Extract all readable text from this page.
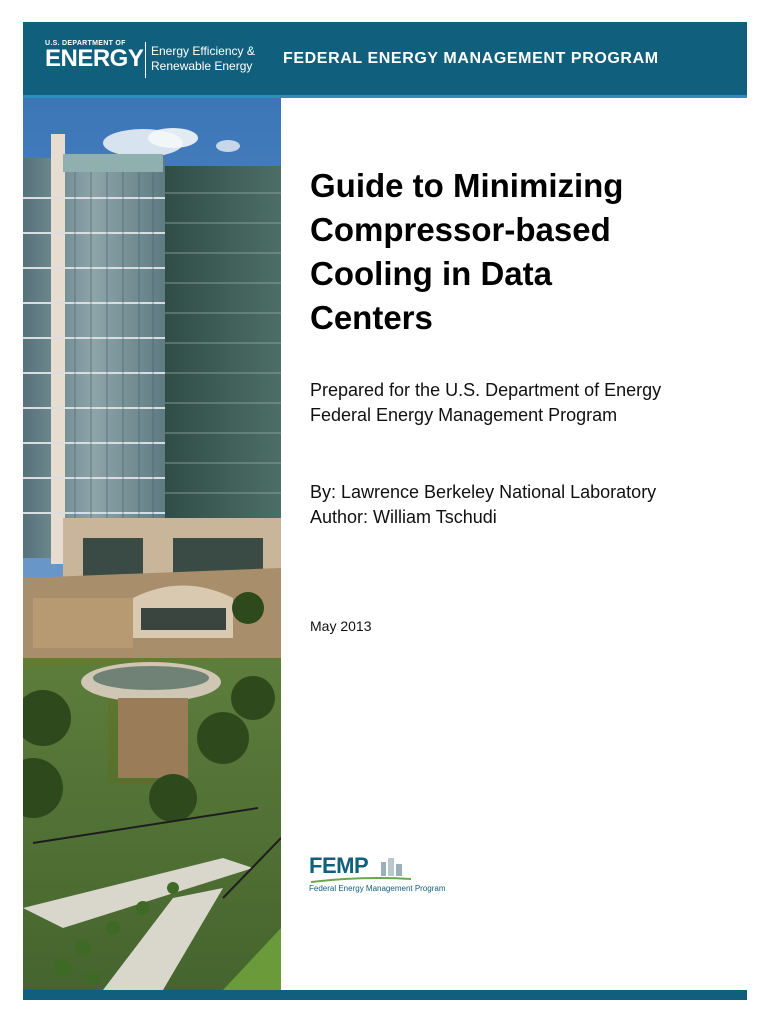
U.S. DEPARTMENT OF
ENERGY Energy Efficiency &
Renewable Energy FEDERAL ENERGY MANAGEMENT PROGRAM
Guide to Minimizing
Compressor-based
Cooling in Data
Centers
Prepared for the U.S. Department of Energy
Federal Energy Management Program
By: Lawrence Berkeley National Laboratory
Author: William Tschudi
May 2013
FEMP
Federal Energy Management Program
